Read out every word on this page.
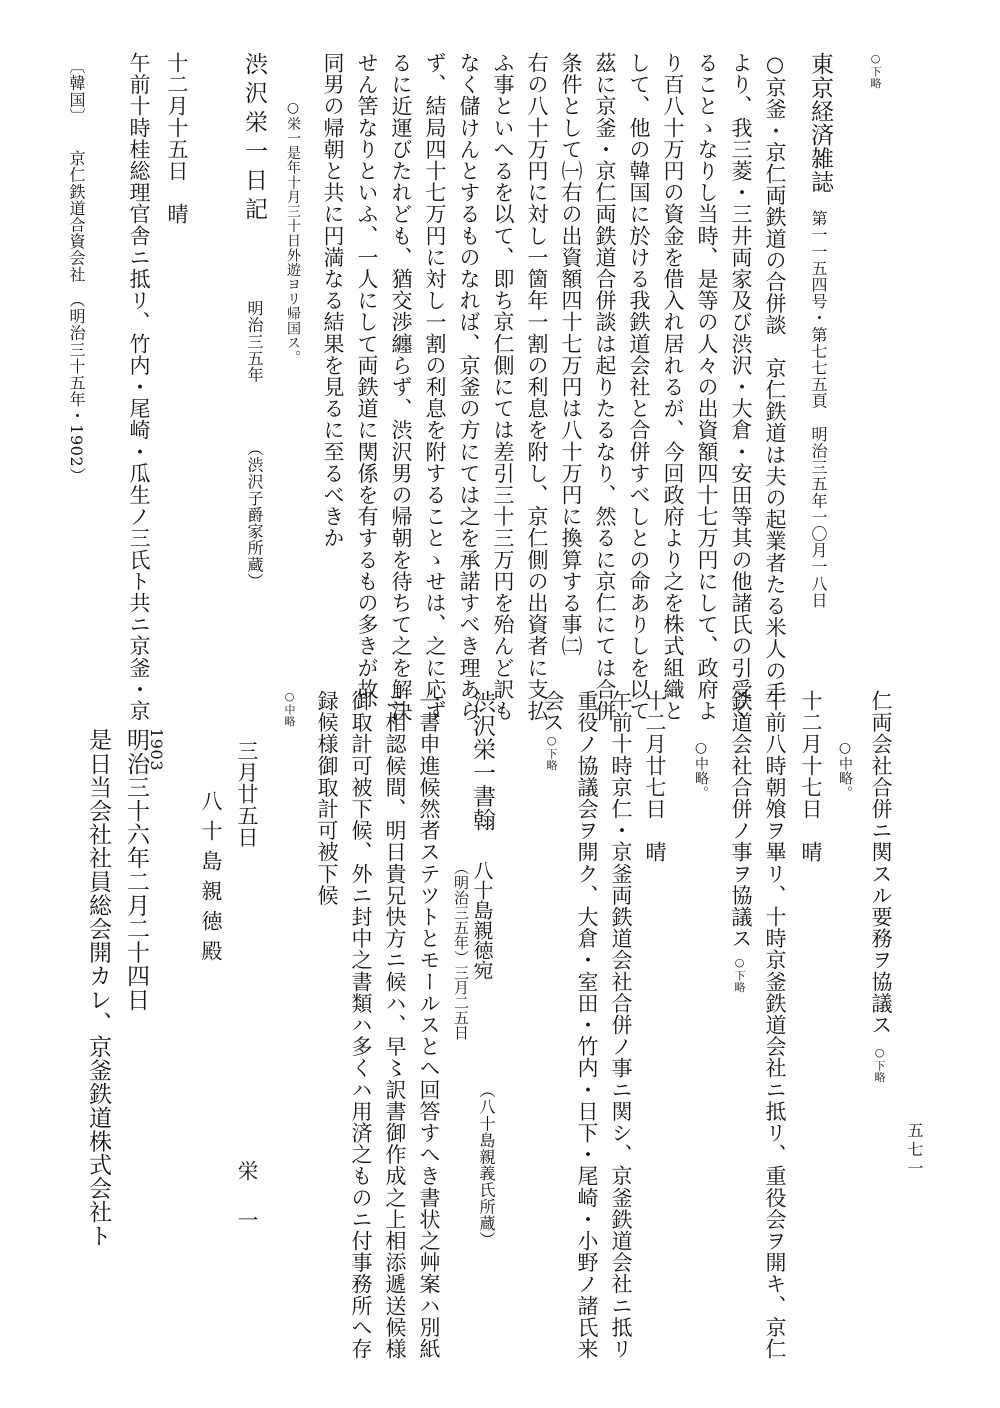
○下略
東京経済雑誌
第一一五四号・第七七五頁　明治三五年一〇月一八日
○京釜・京仁両鉄道の合併談　京仁鉄道は夫の起業者たる米人の手
より、我三菱・三井両家及び渋沢・大倉・安田等其の他諸氏の引受く
ることゝなりし当時、是等の人々の出資額四十七万円にして、政府よ
り百八十万円の資金を借入れ居れるが、今回政府より之を株式組織と
して、他の韓国に於ける我鉄道会社と合併すべしとの命ありしを以て
茲に京釜・京仁両鉄道合併談は起りたるなり、然るに京仁にては合併
条件として㈠右の出資額四十七万円は八十万円に換算する事㈡
右の八十万円に対し一箇年一割の利息を附し、京仁側の出資者に支払
ふ事といへるを以て、即ち京仁側にては差引三十三万円を殆んど訳も
なく儲けんとするものなれば、京釜の方にては之を承諾すべき理あら
ず、結局四十七万円に対し一割の利息を附することゝせは、之に応ず
るに近運びたれども、猶交渉纏らず、渋沢男の帰朝を待ちて之を解決
せん筈なりといふ、一人にして両鉄道に関係を有するもの多きが故、
同男の帰朝と共に円満なる結果を見るに至るべきか
○栄一是年十月三十日外遊ヨリ帰国ス。
渋沢栄一日記
明治三五年
（渋沢子爵家所蔵）
十二月十五日　晴
午前十時桂総理官舎ニ抵リ、竹内・尾崎・瓜生ノ三氏ト共ニ京釜・京
〔韓国〕
京仁鉄道合資会社　（明治三十五年・1902）
仁両会社合併ニ関スル要務ヲ協議ス
○下略
十二月十七日　晴 ○中略。
午前八時朝飧ヲ畢リ、十時京釜鉄道会社ニ抵リ、重役会ヲ開キ、京仁
鉄道会社合併ノ事ヲ協議ス
○下略
○中略。
十二月廿七日　晴
午前十時京仁・京釜両鉄道会社合併ノ事ニ関シ、京釜鉄道会社ニ抵リ
重役ノ協議会ヲ開ク、大倉・室田・竹内・日下・尾崎・小野ノ諸氏来
会ス
○下略
渋沢栄一書翰
八十島親徳宛
（明治三五年）三月二五日
（八十島親義氏所蔵）
一書申進候然者ステツトとモールスとへ回答すへき書状之艸案ハ別紙
ニ相認候間、明日貴兄快方ニ候ハ、早〻訳書御作成之上相添遞送候様
御取計可被下候、外ニ封中之書類ハ多くハ用済之ものニ付事務所へ存
録候様御取計可被下候
○中略
三月廿五日
栄一
八十島親徳殿
1903
明治三十六年二月二十四日
是日当会社社員総会開カレ、京釜鉄道株式会社ト	五七一
